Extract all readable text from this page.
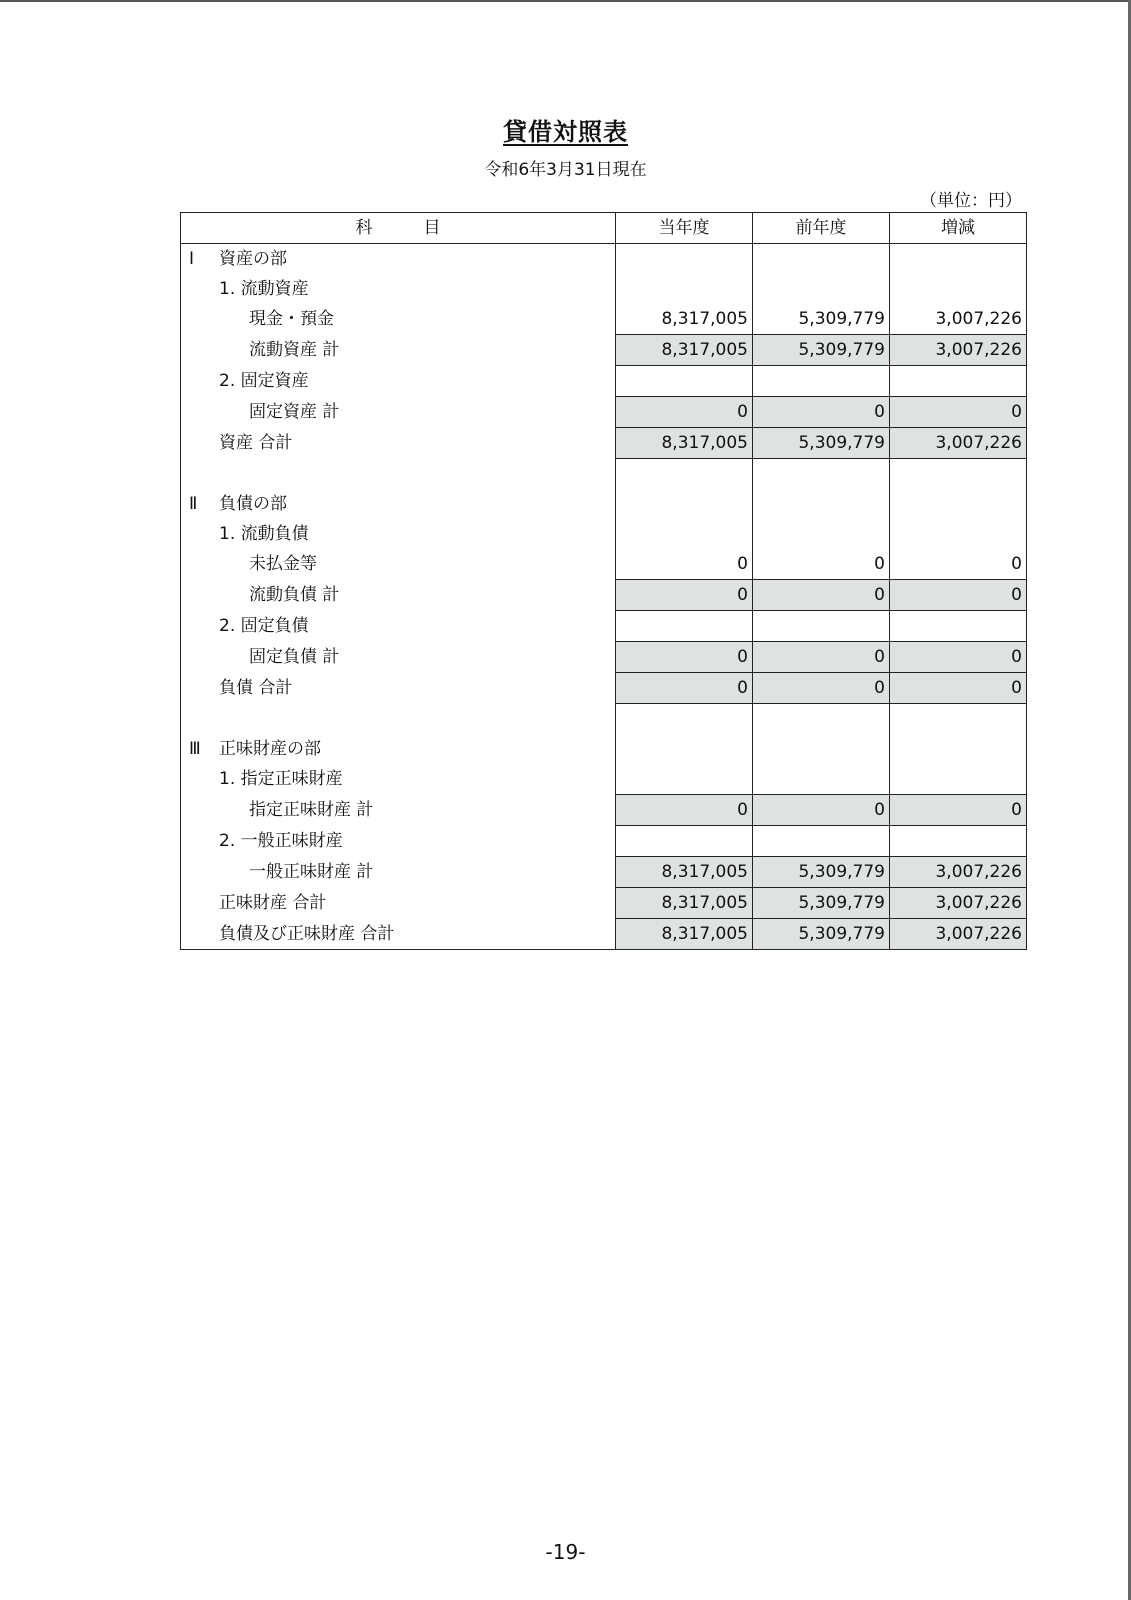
貸借対照表
令和6年3月31日現在
（単位：円）
科　　　目	当年度	前年度	増減
Ⅰ 資産の部			
1. 流動資産			
現金・預金	8,317,005	5,309,779	3,007,226
流動資産 計	8,317,005	5,309,779	3,007,226
2. 固定資産			
固定資産 計	0	0	0
資産 合計	8,317,005	5,309,779	3,007,226

Ⅱ 負債の部			
1. 流動負債			
未払金等	0	0	0
流動負債 計	0	0	0
2. 固定負債			
固定負債 計	0	0	0
負債 合計	0	0	0

Ⅲ 正味財産の部			
1. 指定正味財産			
指定正味財産 計	0	0	0
2. 一般正味財産			
一般正味財産 計	8,317,005	5,309,779	3,007,226
正味財産 合計	8,317,005	5,309,779	3,007,226
負債及び正味財産 合計	8,317,005	5,309,779	3,007,226
-19-
